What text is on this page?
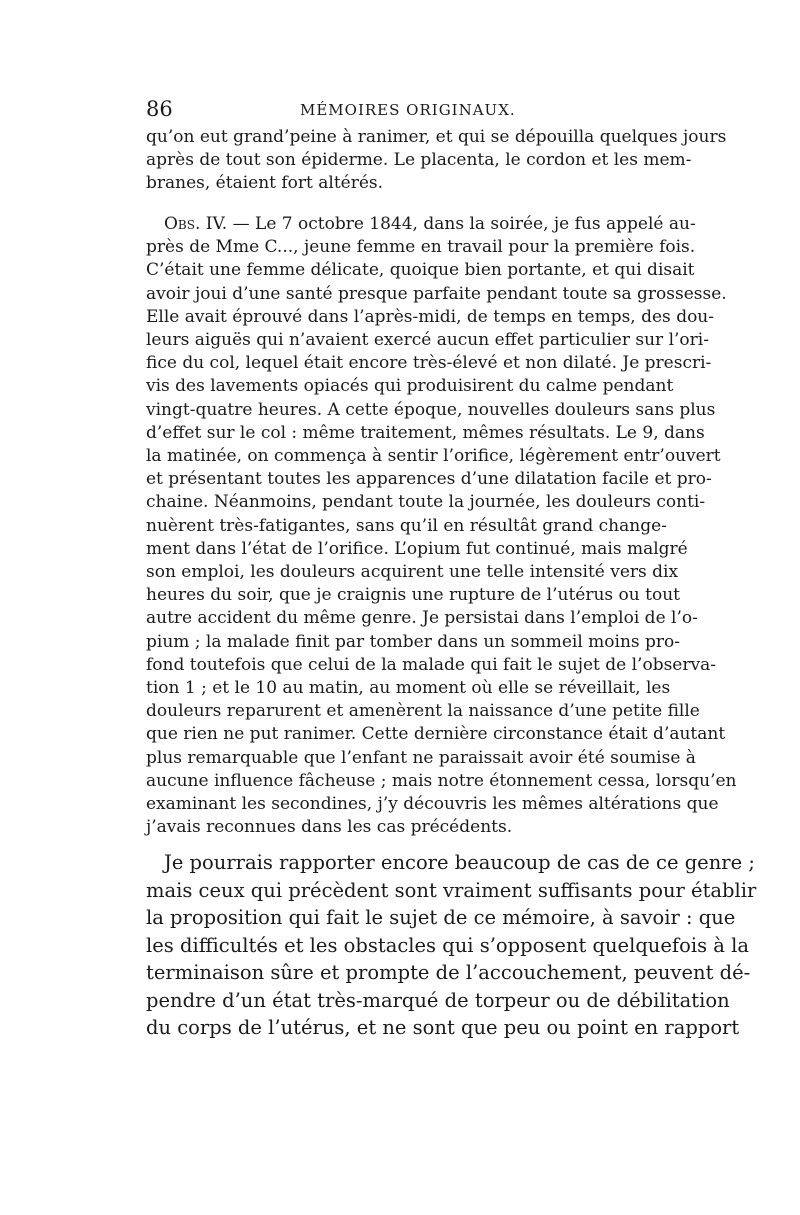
86	MÉMOIRES ORIGINAUX.
qu’on eut grand’peine à ranimer, et qui se dépouilla quelques jours
après de tout son épiderme. Le placenta, le cordon et les mem-
branes, étaient fort altérés.
Obs. IV. — Le 7 octobre 1844, dans la soirée, je fus appelé au-
près de Mme C..., jeune femme en travail pour la première fois.
C’était une femme délicate, quoique bien portante, et qui disait
avoir joui d’une santé presque parfaite pendant toute sa grossesse.
Elle avait éprouvé dans l’après-midi, de temps en temps, des dou-
leurs aiguës qui n’avaient exercé aucun effet particulier sur l’ori-
fice du col, lequel était encore très-élevé et non dilaté. Je prescri-
vis des lavements opiacés qui produisirent du calme pendant
vingt-quatre heures. A cette époque, nouvelles douleurs sans plus
d’effet sur le col : même traitement, mêmes résultats. Le 9, dans
la matinée, on commença à sentir l’orifice, légèrement entr’ouvert
et présentant toutes les apparences d’une dilatation facile et pro-
chaine. Néanmoins, pendant toute la journée, les douleurs conti-
nuèrent très-fatigantes, sans qu’il en résultât grand change-
ment dans l’état de l’orifice. L’opium fut continué, mais malgré
son emploi, les douleurs acquirent une telle intensité vers dix
heures du soir, que je craignis une rupture de l’utérus ou tout
autre accident du même genre. Je persistai dans l’emploi de l’o-
pium ; la malade finit par tomber dans un sommeil moins pro-
fond toutefois que celui de la malade qui fait le sujet de l’observa-
tion 1 ; et le 10 au matin, au moment où elle se réveillait, les
douleurs reparurent et amenèrent la naissance d’une petite fille
que rien ne put ranimer. Cette dernière circonstance était d’autant
plus remarquable que l’enfant ne paraissait avoir été soumise à
aucune influence fâcheuse ; mais notre étonnement cessa, lorsqu’en
examinant les secondines, j’y découvris les mêmes altérations que
j’avais reconnues dans les cas précédents.
Je pourrais rapporter encore beaucoup de cas de ce genre ;
mais ceux qui précèdent sont vraiment suffisants pour établir
la proposition qui fait le sujet de ce mémoire, à savoir : que
les difficultés et les obstacles qui s’opposent quelquefois à la
terminaison sûre et prompte de l’accouchement, peuvent dé-
pendre d’un état très-marqué de torpeur ou de débilitation
du corps de l’utérus, et ne sont que peu ou point en rapport
